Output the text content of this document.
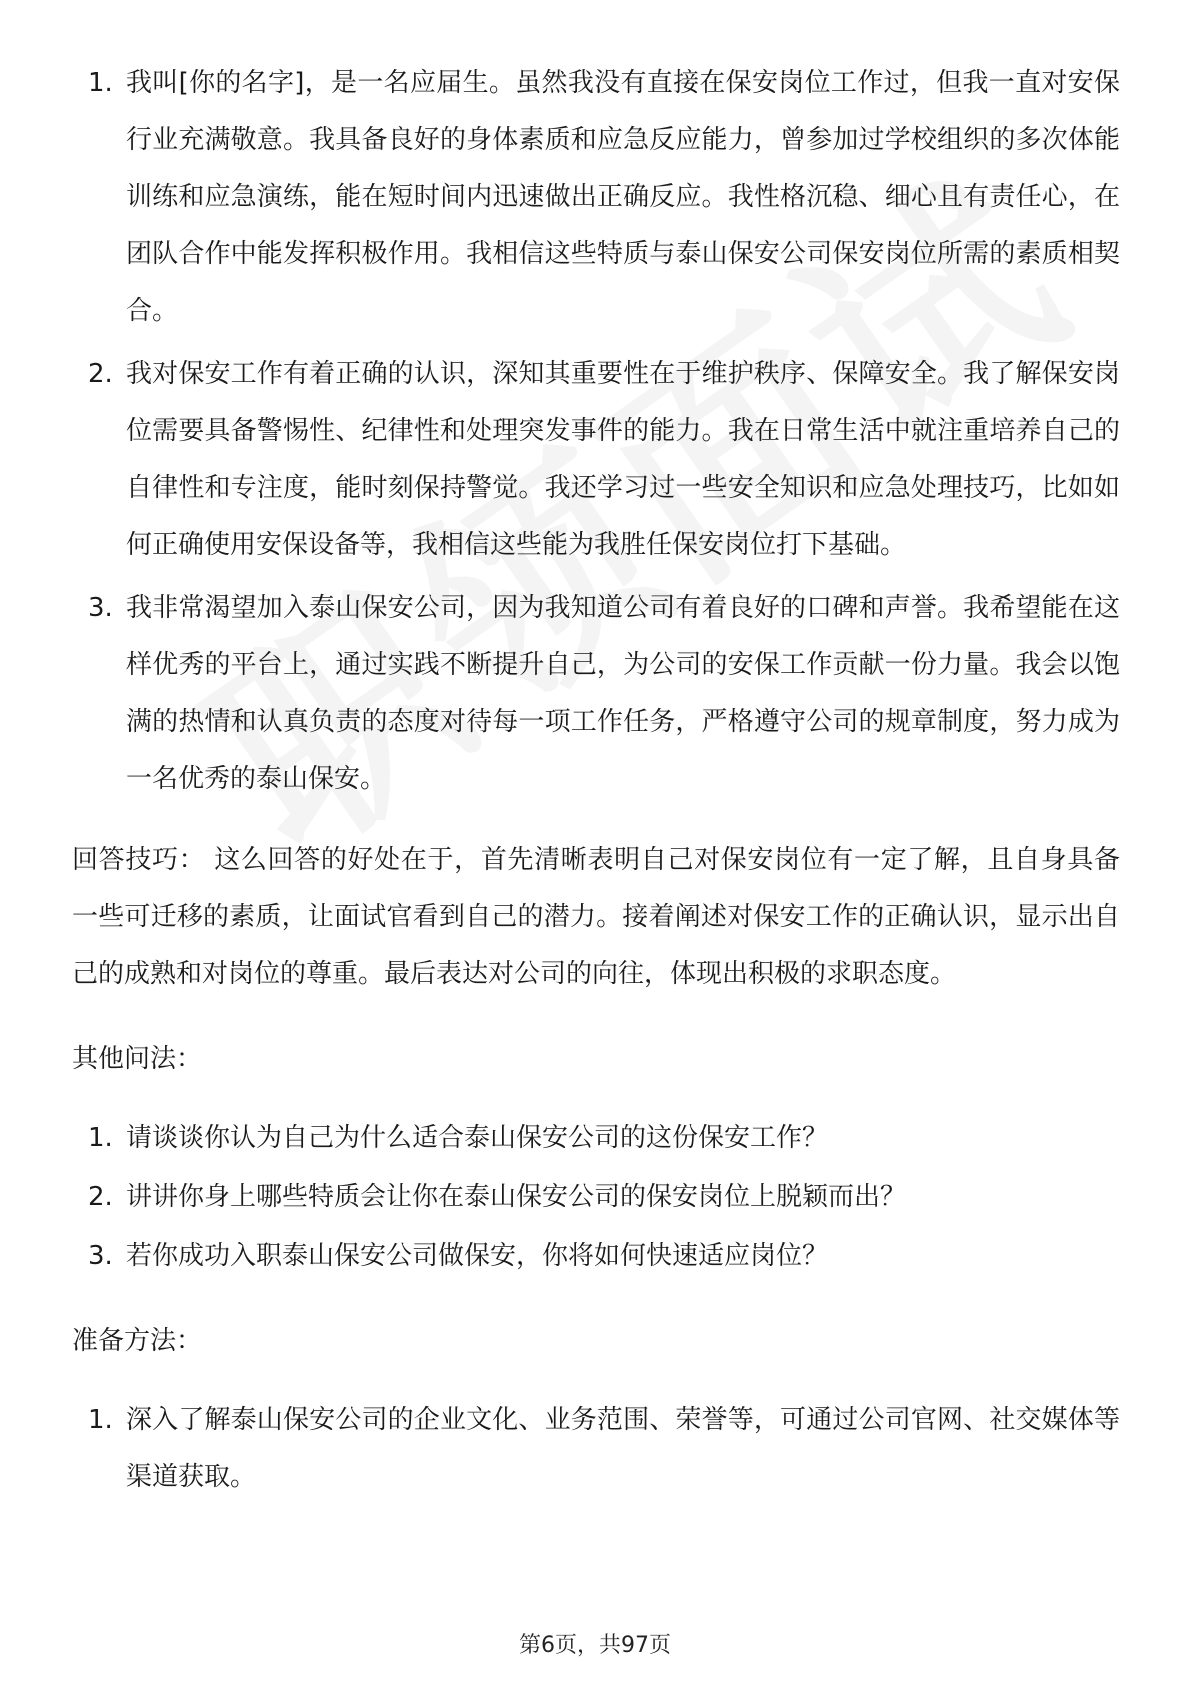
1. 我叫[你的名字]，是一名应届生。虽然我没有直接在保安岗位工作过，但我一直对安保行业充满敬意。我具备良好的身体素质和应急反应能力，曾参加过学校组织的多次体能训练和应急演练，能在短时间内迅速做出正确反应。我性格沉稳、细心且有责任心，在团队合作中能发挥积极作用。我相信这些特质与泰山保安公司保安岗位所需的素质相契合。
2. 我对保安工作有着正确的认识，深知其重要性在于维护秩序、保障安全。我了解保安岗位需要具备警惕性、纪律性和处理突发事件的能力。我在日常生活中就注重培养自己的自律性和专注度，能时刻保持警觉。我还学习过一些安全知识和应急处理技巧，比如如何正确使用安保设备等，我相信这些能为我胜任保安岗位打下基础。
3. 我非常渴望加入泰山保安公司，因为我知道公司有着良好的口碑和声誉。我希望能在这样优秀的平台上，通过实践不断提升自己，为公司的安保工作贡献一份力量。我会以饱满的热情和认真负责的态度对待每一项工作任务，严格遵守公司的规章制度，努力成为一名优秀的泰山保安。
回答技巧： 这么回答的好处在于，首先清晰表明自己对保安岗位有一定了解，且自身具备一些可迁移的素质，让面试官看到自己的潜力。接着阐述对保安工作的正确认识，显示出自己的成熟和对岗位的尊重。最后表达对公司的向往，体现出积极的求职态度。
其他问法：
1. 请谈谈你认为自己为什么适合泰山保安公司的这份保安工作？
2. 讲讲你身上哪些特质会让你在泰山保安公司的保安岗位上脱颖而出？
3. 若你成功入职泰山保安公司做保安，你将如何快速适应岗位？
准备方法：
1. 深入了解泰山保安公司的企业文化、业务范围、荣誉等，可通过公司官网、社交媒体等渠道获取。
第6页，共97页
